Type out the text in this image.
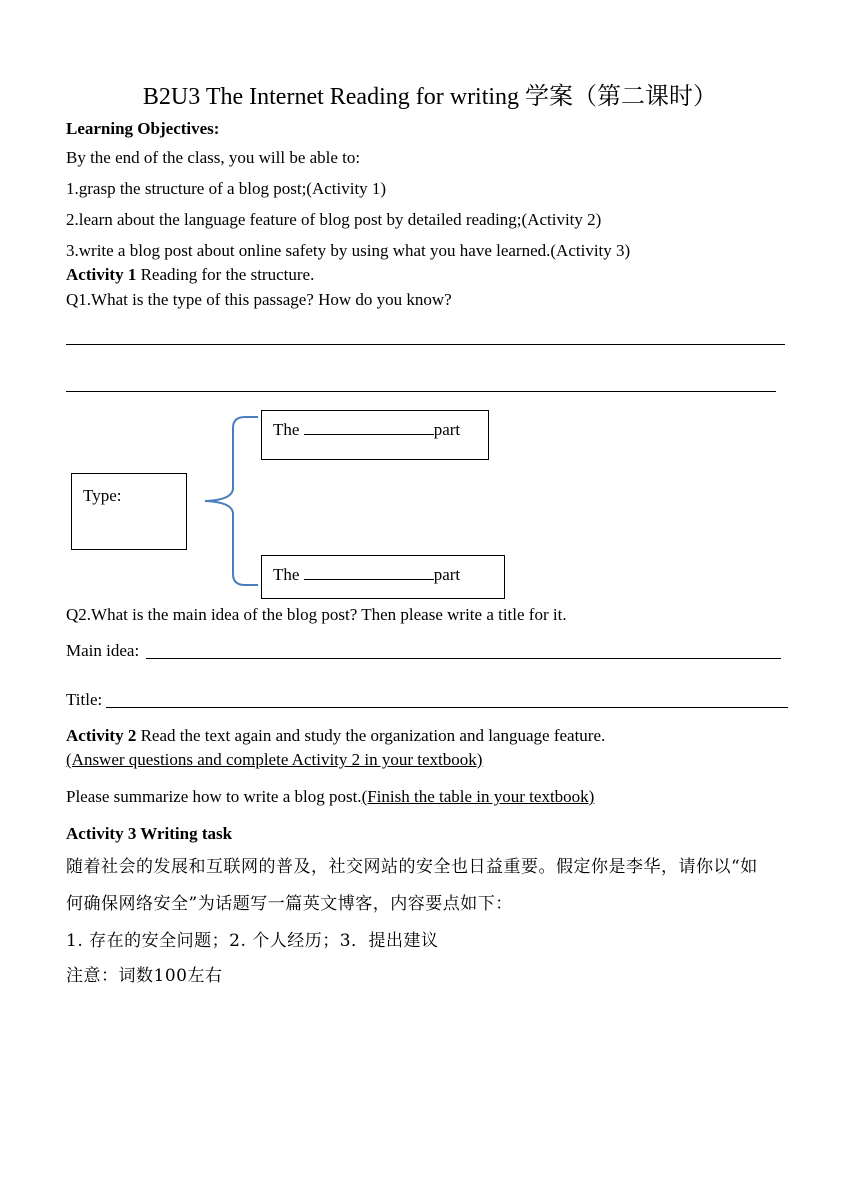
B2U3 The Internet Reading for writing 学案（第二课时）
Learning Objectives:
By the end of the class, you will be able to:
1.grasp the structure of a blog post;(Activity 1)
2.learn about the language feature of blog post by detailed reading;(Activity 2)
3.write a blog post about online safety by using what you have learned.(Activity 3)
Activity 1 Reading for the structure.
Q1.What is the type of this passage? How do you know?
Type:
The	part
The	part
Q2.What is the main idea of the blog post? Then please write a title for it.
Main idea:
Title:
Activity 2 Read the text again and study the organization and language feature.
(Answer questions and complete Activity 2 in your textbook)
Please summarize how to write a blog post.(Finish the table in your textbook)
Activity 3 Writing task
随着社会的发展和互联网的普及，社交网站的安全也日益重要。假定你是李华，请你以“如
何确保网络安全”为话题写一篇英文博客，内容要点如下：
1. 存在的安全问题；2. 个人经历；3．提出建议
注意：词数100左右
